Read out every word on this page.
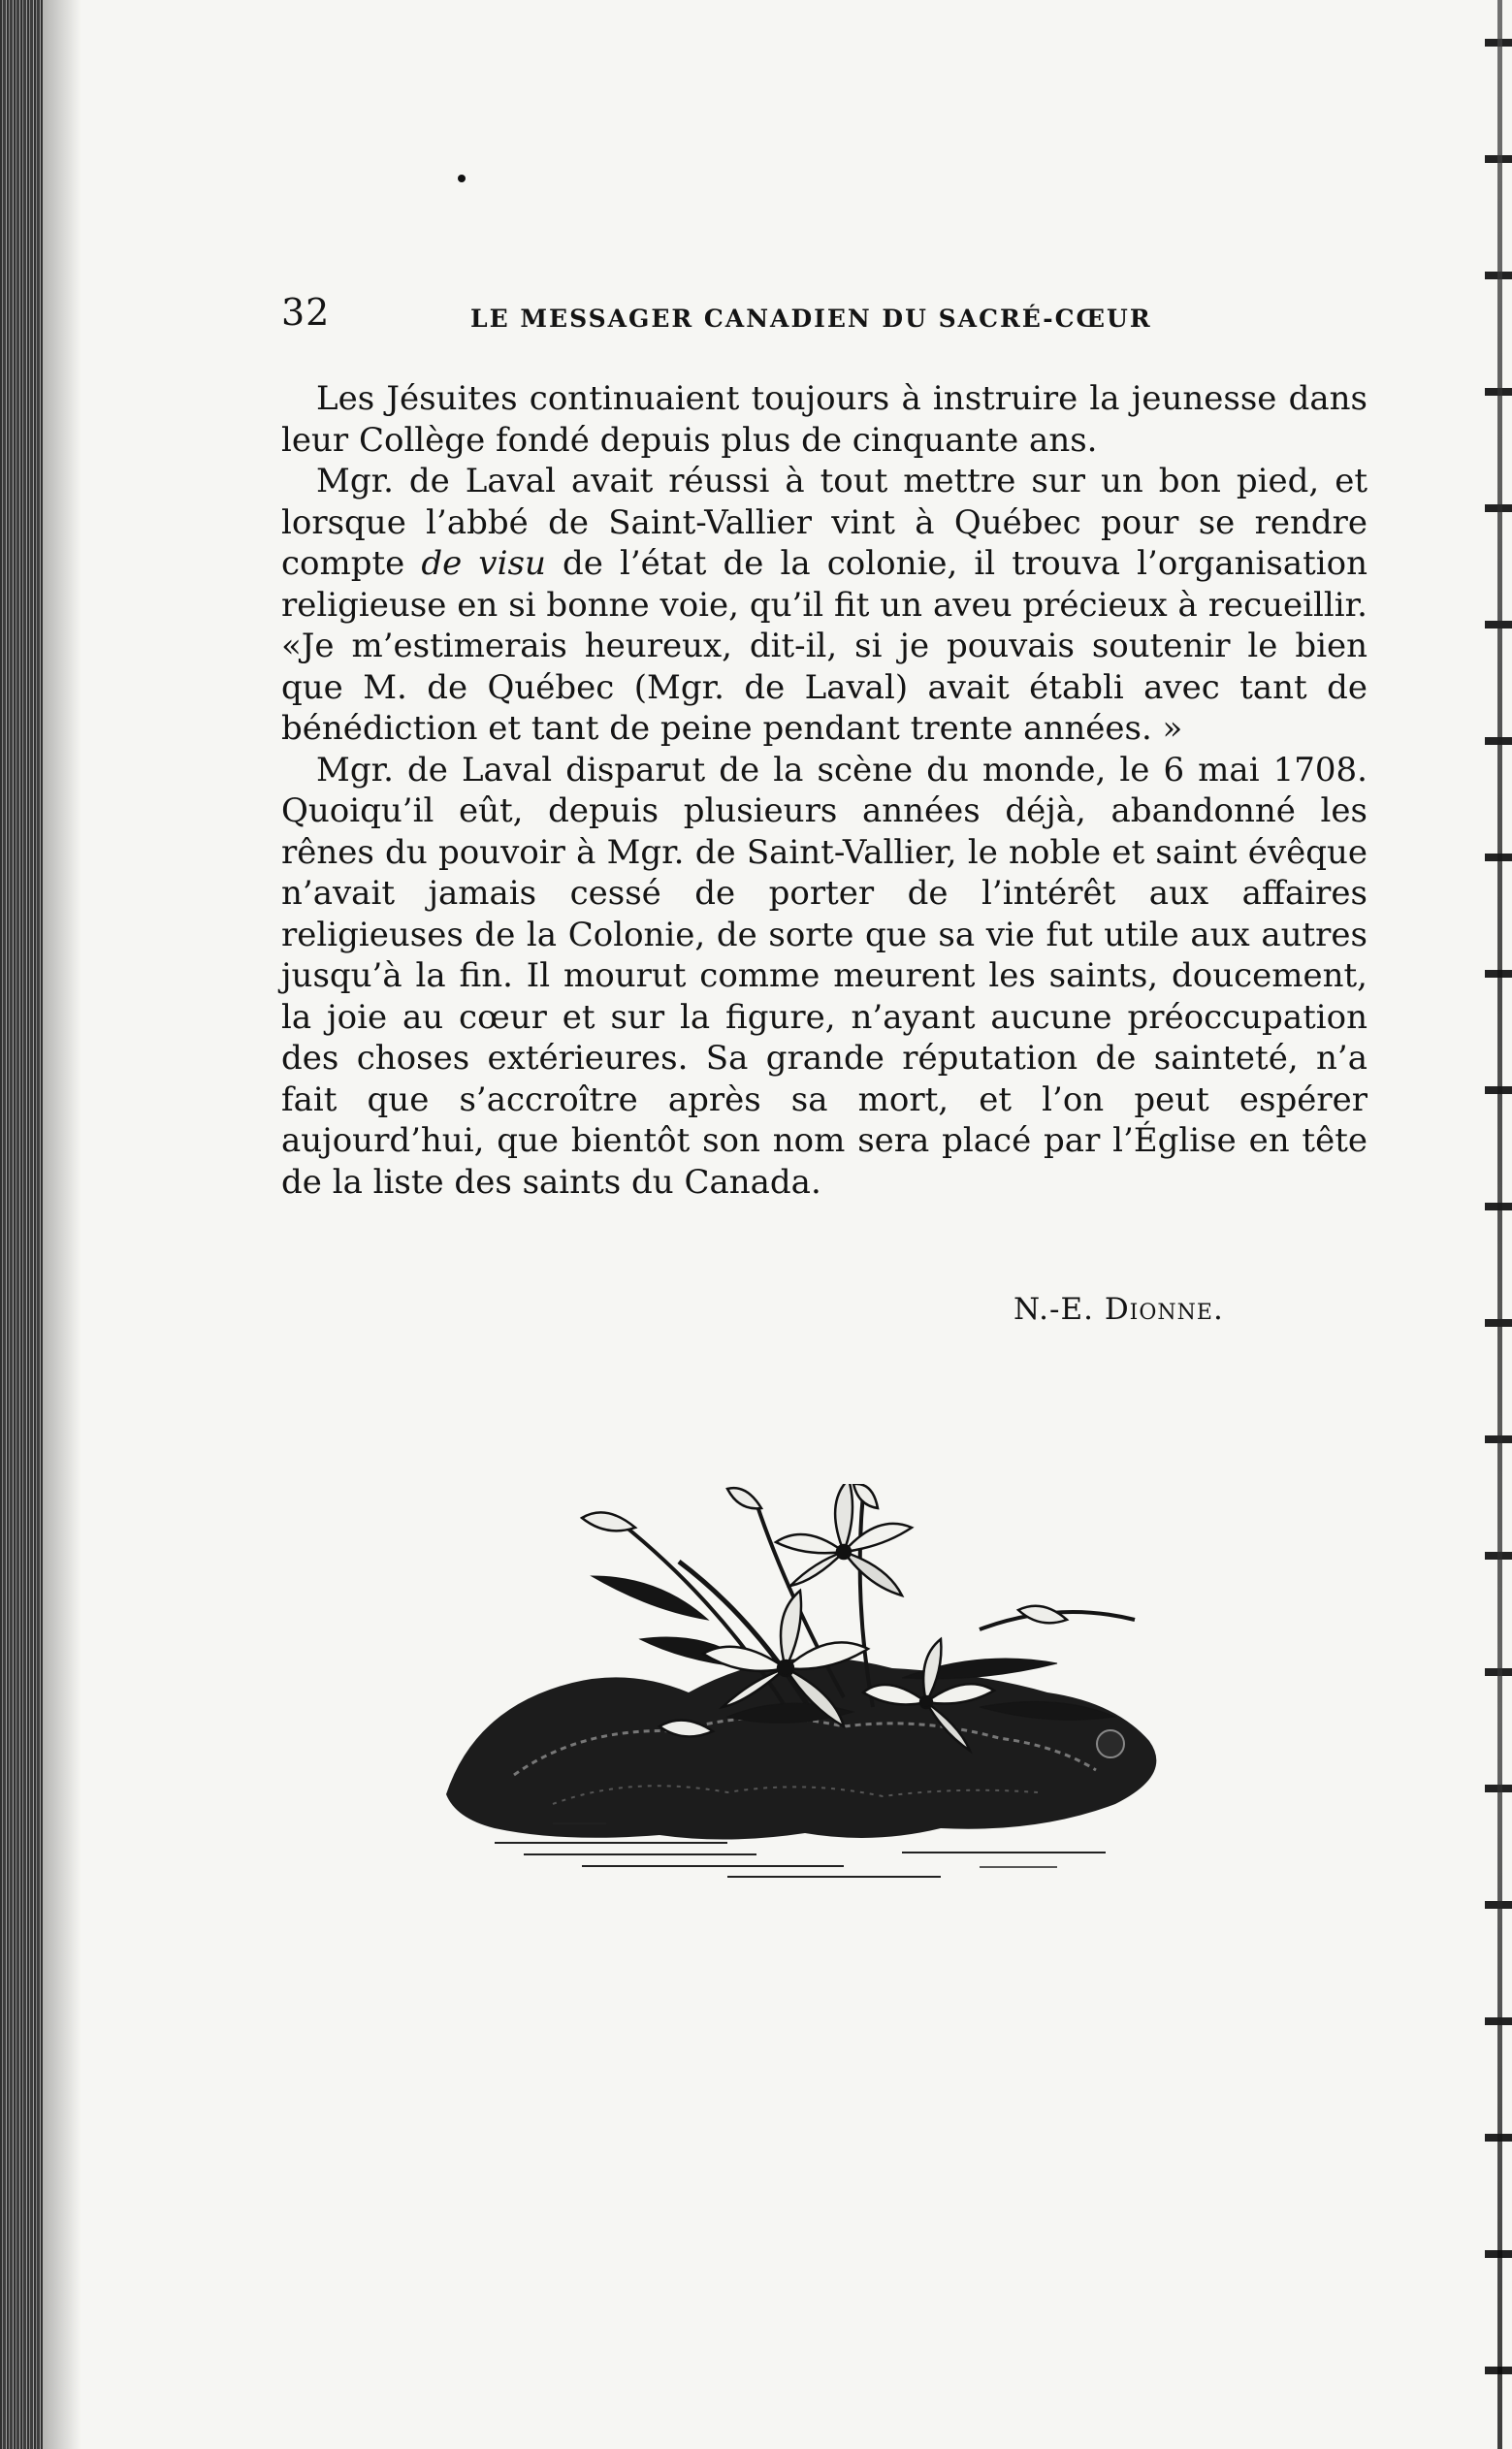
32	LE MESSAGER CANADIEN DU SACRÉ-CŒUR

Les Jésuites continuaient toujours à instruire la jeunesse dans leur Collège fondé depuis plus de cinquante ans.

Mgr. de Laval avait réussi à tout mettre sur un bon pied, et lorsque l’abbé de Saint-Vallier vint à Québec pour se rendre compte de visu de l’état de la colonie, il trouva l’organisation religieuse en si bonne voie, qu’il fit un aveu précieux à recueillir. «Je m’estimerais heureux, dit-il, si je pouvais soutenir le bien que M. de Québec (Mgr. de Laval) avait établi avec tant de bénédiction et tant de peine pendant trente années. »

Mgr. de Laval disparut de la scène du monde, le 6 mai 1708. Quoiqu’il eût, depuis plusieurs années déjà, abandonné les rênes du pouvoir à Mgr. de Saint-Vallier, le noble et saint évêque n’avait jamais cessé de porter de l’intérêt aux affaires religieuses de la Colonie, de sorte que sa vie fut utile aux autres jusqu’à la fin. Il mourut comme meurent les saints, doucement, la joie au cœur et sur la figure, n’ayant aucune préoccupation des choses extérieures. Sa grande réputation de sainteté, n’a fait que s’accroître après sa mort, et l’on peut espérer aujourd’hui, que bientôt son nom sera placé par l’Église en tête de la liste des saints du Canada.

N.-E. Dionne.
